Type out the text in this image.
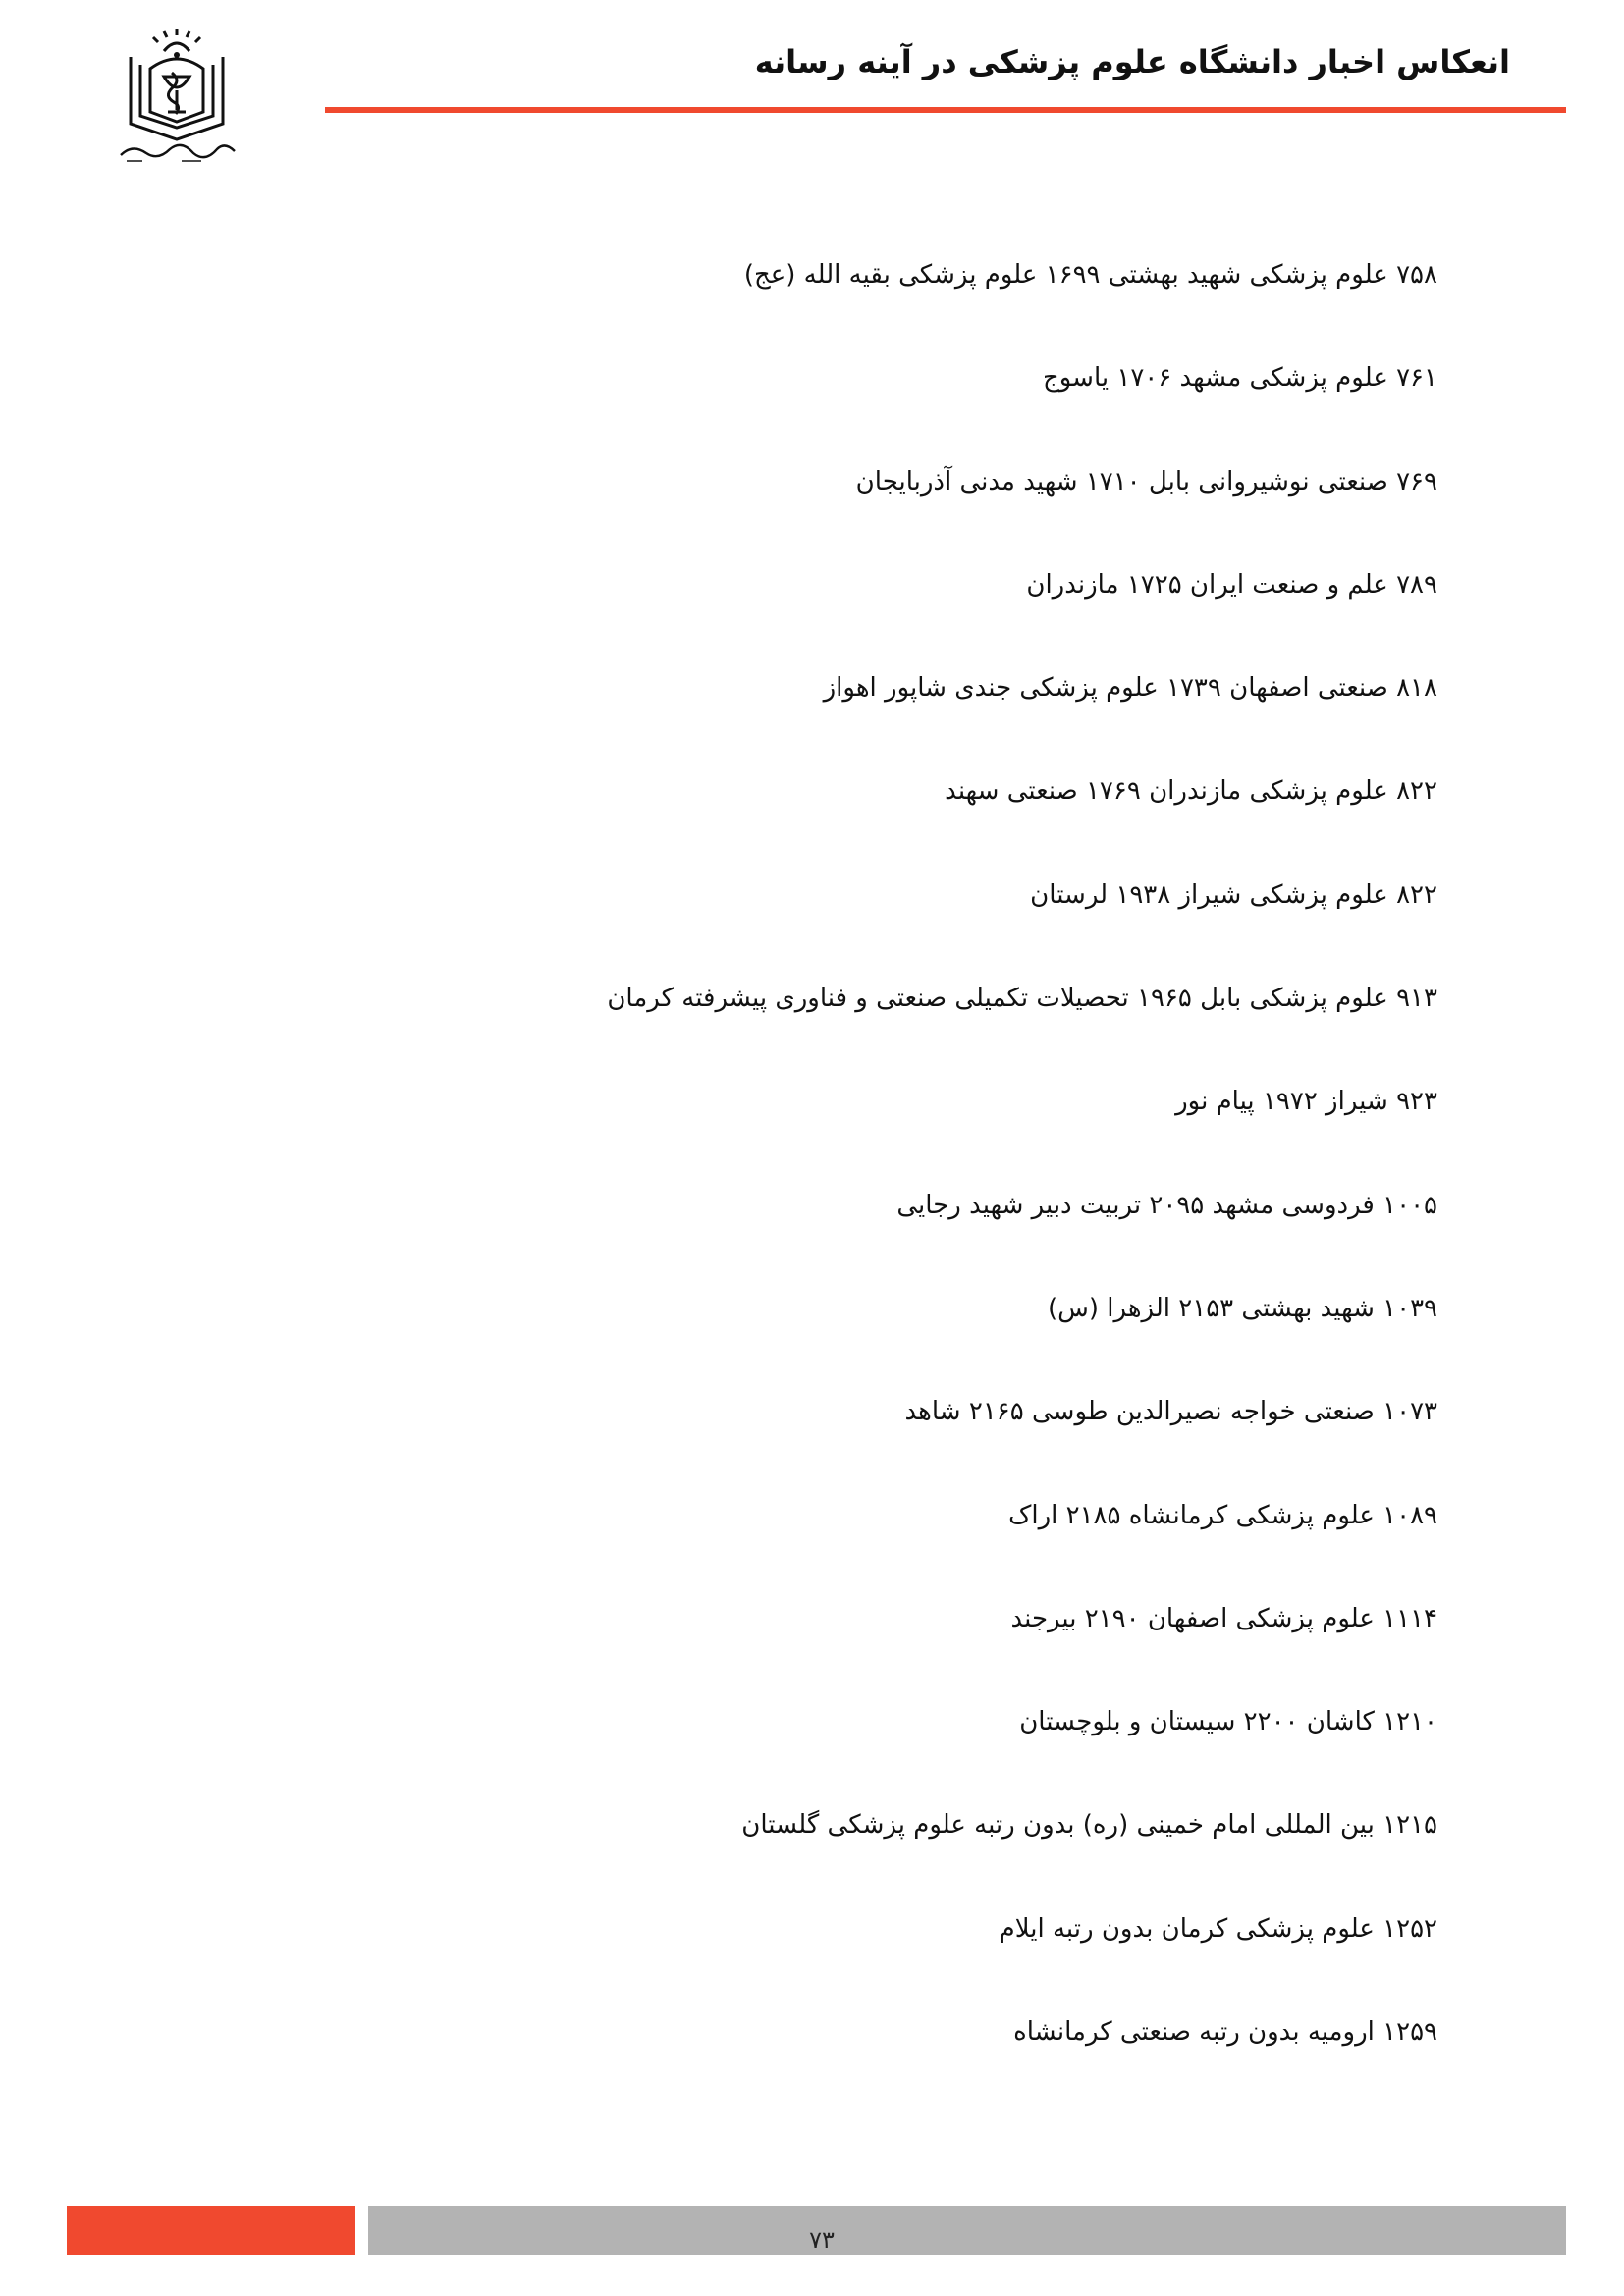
انعکاس اخبار دانشگاه علوم پزشکی در آینه رسانه
۷۵۸ علوم پزشکی شهید بهشتی ۱۶۹۹ علوم پزشکی بقیه الله (عج)
۷۶۱ علوم پزشکی مشهد ۱۷۰۶ یاسوج
۷۶۹ صنعتی نوشیروانی بابل ۱۷۱۰ شهید مدنی آذربایجان
۷۸۹ علم و صنعت ایران ۱۷۲۵ مازندران
۸۱۸ صنعتی اصفهان ۱۷۳۹ علوم پزشکی جندی شاپور اهواز
۸۲۲ علوم پزشکی مازندران ۱۷۶۹ صنعتی سهند
۸۲۲ علوم پزشکی شیراز ۱۹۳۸ لرستان
۹۱۳ علوم پزشکی بابل ۱۹۶۵ تحصیلات تکمیلی صنعتی و فناوری پیشرفته کرمان
۹۲۳ شیراز ۱۹۷۲ پیام نور
۱۰۰۵ فردوسی مشهد ۲۰۹۵ تربیت دبیر شهید رجایی
۱۰۳۹ شهید بهشتی ۲۱۵۳ الزهرا (س)
۱۰۷۳ صنعتی خواجه نصیرالدین طوسی ۲۱۶۵ شاهد
۱۰۸۹ علوم پزشکی کرمانشاه ۲۱۸۵ اراک
۱۱۱۴ علوم پزشکی اصفهان ۲۱۹۰ بیرجند
۱۲۱۰ کاشان ۲۲۰۰ سیستان و بلوچستان
۱۲۱۵ بین المللی امام خمینی (ره) بدون رتبه علوم پزشکی گلستان
۱۲۵۲ علوم پزشکی کرمان بدون رتبه ایلام
۱۲۵۹ ارومیه بدون رتبه صنعتی کرمانشاه
۷۳
